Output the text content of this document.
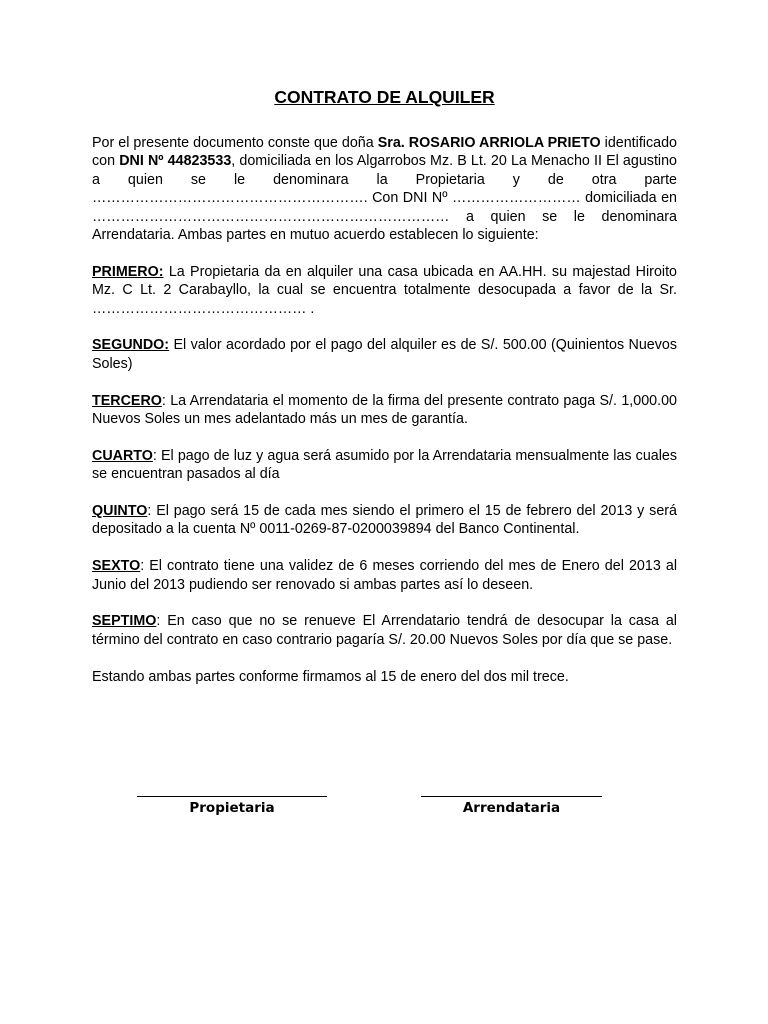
CONTRATO DE ALQUILER

Por el presente documento conste que doña Sra. ROSARIO ARRIOLA PRIETO identificado con DNI Nº 44823533, domiciliada en los Algarrobos Mz. B Lt. 20 La Menacho II El agustino a quien se le denominara la Propietaria y de otra parte …………………………………………………. Con DNI Nº ……………………… domiciliada en ………………………………………………………………… a quien se le denominara Arrendataria. Ambas partes en mutuo acuerdo establecen lo siguiente:

PRIMERO: La Propietaria da en alquiler una casa ubicada en AA.HH. su majestad Hiroito Mz. C Lt. 2 Carabayllo, la cual se encuentra totalmente desocupada a favor de la Sr. ……………………………………… .

SEGUNDO: El valor acordado por el pago del alquiler es de S/. 500.00 (Quinientos Nuevos Soles)

TERCERO: La Arrendataria el momento de la firma del presente contrato paga S/. 1,000.00 Nuevos Soles un mes adelantado más un mes de garantía.

CUARTO: El pago de luz y agua será asumido por la Arrendataria mensualmente las cuales se encuentran pasados al día

QUINTO: El pago será 15 de cada mes siendo el primero el 15 de febrero del 2013 y será depositado a la cuenta Nº 0011-0269-87-0200039894 del Banco Continental.

SEXTO: El contrato tiene una validez de 6 meses corriendo del mes de Enero del 2013 al Junio del 2013 pudiendo ser renovado si ambas partes así lo deseen.

SEPTIMO: En caso que no se renueve El Arrendatario tendrá de desocupar la casa al término del contrato en caso contrario pagaría S/. 20.00 Nuevos Soles por día que se pase.

Estando ambas partes conforme firmamos al 15 de enero del dos mil trece.

Propietaria	Arrendataria
